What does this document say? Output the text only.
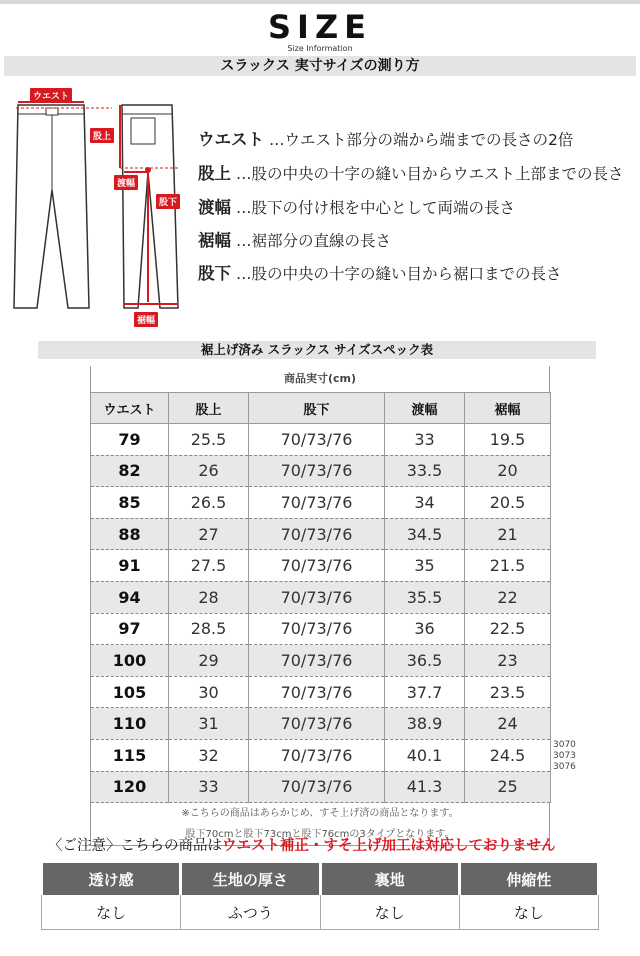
SIZE
Size Information
スラックス 実寸サイズの測り方
ウエスト
股上
渡幅
股下
裾幅
ウエスト …ウエスト部分の端から端までの長さの2倍
股上 …股の中央の十字の縫い目からウエスト上部までの長さ
渡幅 …股下の付け根を中心として両端の長さ
裾幅 …裾部分の直線の長さ
股下 …股の中央の十字の縫い目から裾口までの長さ
裾上げ済み スラックス サイズスペック表
商品実寸(cm)
ウエスト	股上	股下	渡幅	裾幅
79	25.5	70/73/76	33	19.5
82	26	70/73/76	33.5	20
85	26.5	70/73/76	34	20.5
88	27	70/73/76	34.5	21
91	27.5	70/73/76	35	21.5
94	28	70/73/76	35.5	22
97	28.5	70/73/76	36	22.5
100	29	70/73/76	36.5	23
105	30	70/73/76	37.7	23.5
110	31	70/73/76	38.9	24
115	32	70/73/76	40.1	24.5
120	33	70/73/76	41.3	25
※こちらの商品はあらかじめ、すそ上げ済の商品となります。
股下70cmと股下73cmと股下76cmの3タイプとなります。
3070
3073
3076
〈ご注意〉こちらの商品はウエスト補正・すそ上げ加工は対応しておりません
透け感	生地の厚さ	裏地	伸縮性
なし	ふつう	なし	なし
